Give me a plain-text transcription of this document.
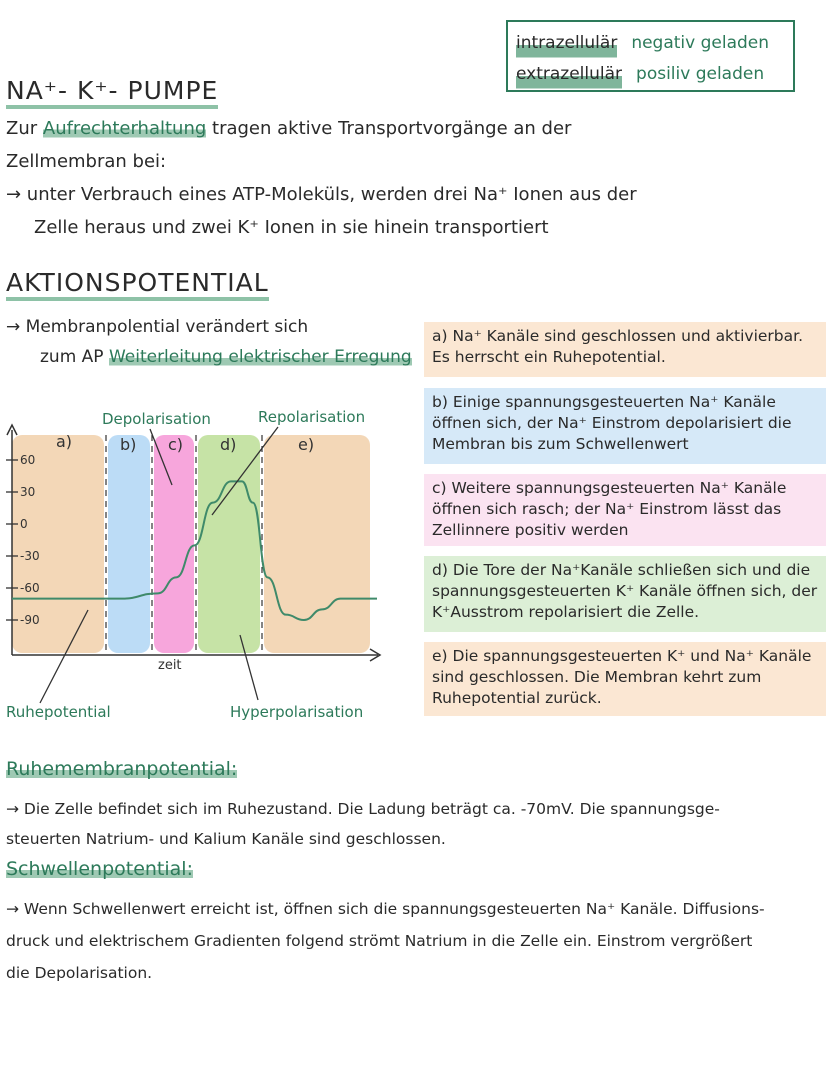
intrazellulär negativ geladen
extrazellulär posiliv geladen
NA⁺- K⁺- PUMPE
Zur Aufrechterhaltung tragen aktive Transportvorgänge an der
Zellmembran bei:
→ unter Verbrauch eines ATP-Moleküls, werden drei Na⁺ Ionen aus der
Zelle heraus und zwei K⁺ Ionen in sie hinein transportiert
AKTIONSPOTENTIAL
→ Membranpolential verändert sich
zum AP Weiterleitung elektrischer Erregung
a) Na⁺ Kanäle sind geschlossen und aktivierbar. Es herrscht ein Ruhepotential.
b) Einige spannungsgesteuerten Na⁺ Kanäle öffnen sich, der Na⁺ Einstrom depolarisiert die Membran bis zum Schwellenwert
c) Weitere spannungsgesteuerten Na⁺ Kanäle öffnen sich rasch; der Na⁺ Einstrom lässt das Zellinnere positiv werden
d) Die Tore der Na⁺Kanäle schließen sich und die spannungsgesteuerten K⁺ Kanäle öffnen sich, der K⁺Ausstrom repolarisiert die Zelle.
e) Die spannungsgesteuerten K⁺ und Na⁺ Kanäle sind geschlossen. Die Membran kehrt zum Ruhepotential zurück.
60
30
0
-30
-60
-90
a)	b) c) d)	e)
Depolarisation	Repolarisation
zeit
Ruhepotential	Hyperpolarisation
Ruhemembranpotential:
→ Die Zelle befindet sich im Ruhezustand. Die Ladung beträgt ca. -70mV. Die spannungsge-
steuerten Natrium- und Kalium Kanäle sind geschlossen.
Schwellenpotential:
→ Wenn Schwellenwert erreicht ist, öffnen sich die spannungsgesteuerten Na⁺ Kanäle. Diffusions-
druck und elektrischem Gradienten folgend strömt Natrium in die Zelle ein. Einstrom vergrößert
die Depolarisation.
